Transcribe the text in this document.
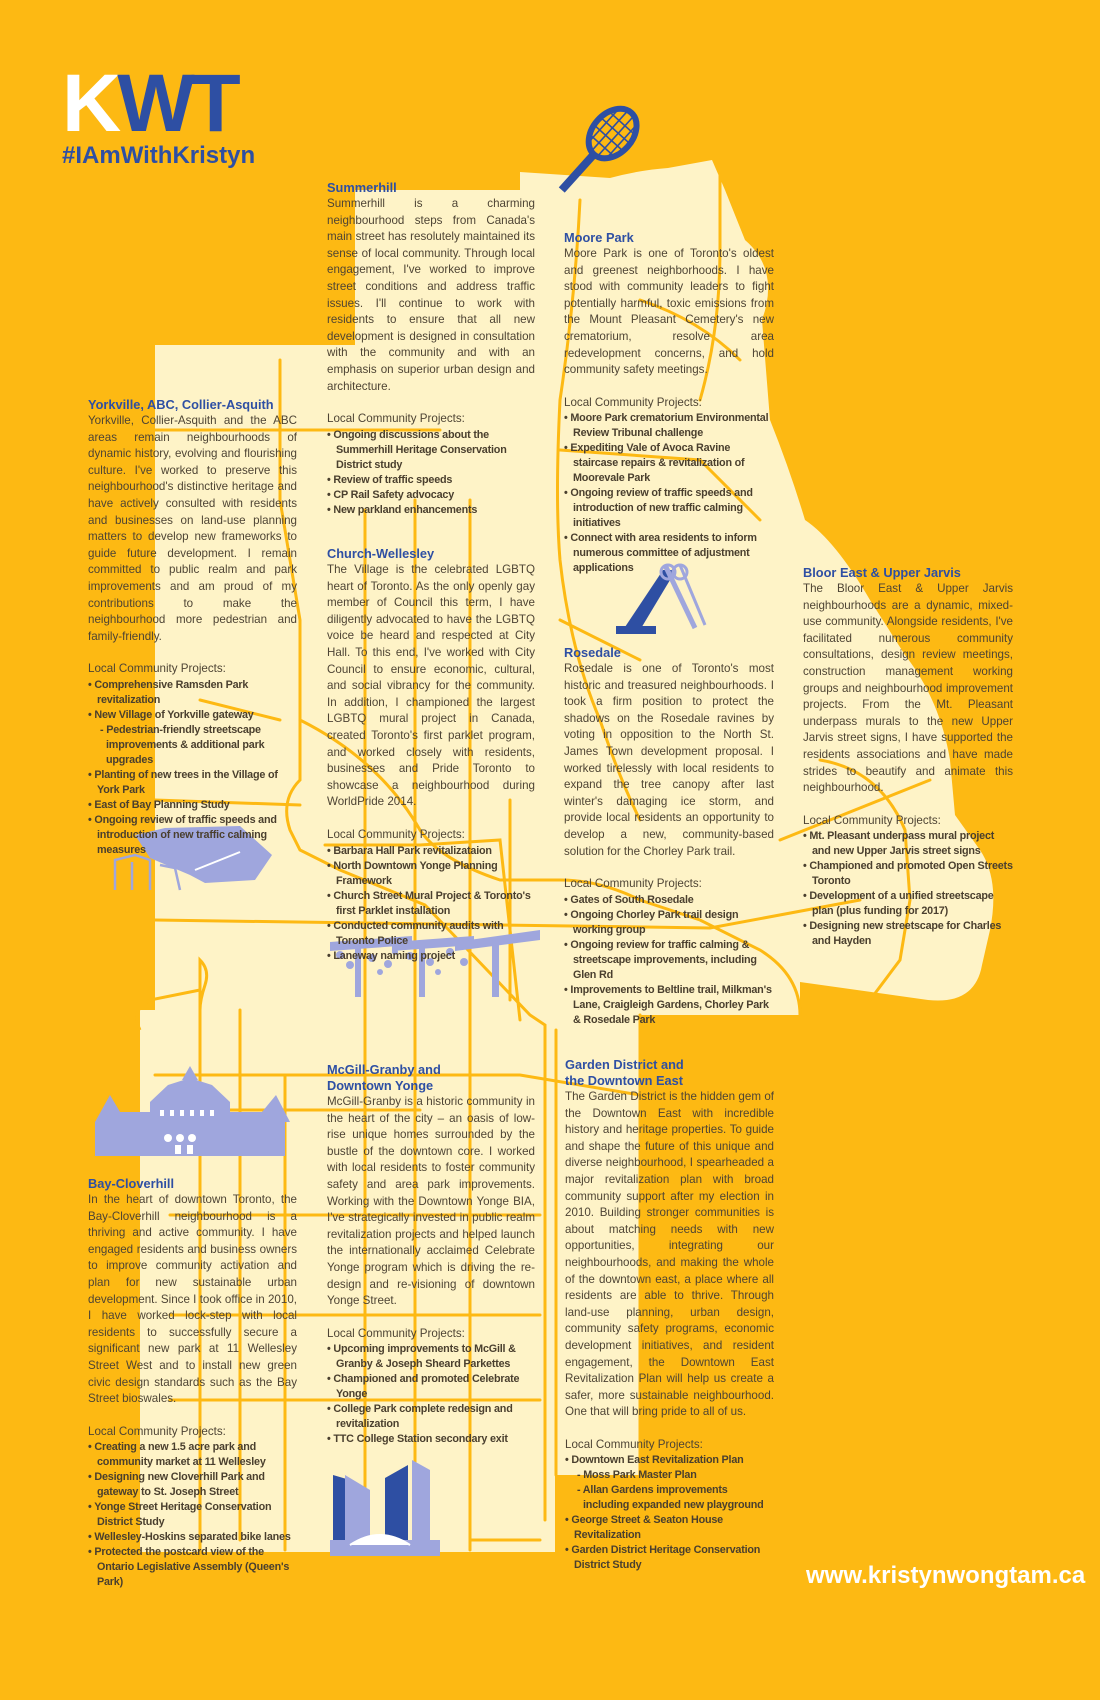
KWT
#IAmWithKristyn
Summerhill

Summerhill is a charming neighbourhood steps from Canada's main street has resolutely maintained its sense of local community. Through local engagement, I've worked to improve street conditions and address traffic issues. I'll continue to work with residents to ensure that all new development is designed in consultation with the community and with an emphasis on superior urban design and architecture.

Local Community Projects:
• Ongoing discussions about the Summerhill Heritage Conservation District study
• Review of traffic speeds
• CP Rail Safety advocacy
• New parkland enhancements
Moore Park

Moore Park is one of Toronto's oldest and greenest neighborhoods. I have stood with community leaders to fight potentially harmful, toxic emissions from the Mount Pleasant Cemetery's new crematorium, resolve area redevelopment concerns, and hold community safety meetings.

Local Community Projects:
• Moore Park crematorium Environmental Review Tribunal challenge
• Expediting Vale of Avoca Ravine staircase repairs & revitalization of Moorevale Park
• Ongoing review of traffic speeds and introduction of new traffic calming initiatives
• Connect with area residents to inform numerous committee of adjustment applications
Yorkville, ABC, Collier-Asquith

Yorkville, Collier-Asquith and the ABC areas remain neighbourhoods of dynamic history, evolving and flourishing culture. I've worked to preserve this neighbourhood's distinctive heritage and have actively consulted with residents and businesses on land-use planning matters to develop new frameworks to guide future development. I remain committed to public realm and park improvements and am proud of my contributions to make the neighbourhood more pedestrian and family-friendly.

Local Community Projects:
• Comprehensive Ramsden Park revitalization
• New Village of Yorkville gateway
- Pedestrian-friendly streetscape improvements & additional park upgrades
• Planting of new trees in the Village of York Park
• East of Bay Planning Study
• Ongoing review of traffic speeds and introduction of new traffic calming measures
Church-Wellesley

The Village is the celebrated LGBTQ heart of Toronto. As the only openly gay member of Council this term, I have diligently advocated to have the LGBTQ voice be heard and respected at City Hall. To this end, I've worked with City Council to ensure economic, cultural, and social vibrancy for the community. In addition, I championed the largest LGBTQ mural project in Canada, created Toronto's first parklet program, and worked closely with residents, businesses and Pride Toronto to showcase a neighbourhood during WorldPride 2014.

Local Community Projects:
• Barbara Hall Park revitalizataion
• North Downtown Yonge Planning Framework
• Church Street Mural Project & Toronto's first Parklet installation
• Conducted community audits with Toronto Police
• Laneway naming project
Bloor East & Upper Jarvis

The Bloor East & Upper Jarvis neighbourhoods are a dynamic, mixed-use community. Alongside residents, I've facilitated numerous community consultations, design review meetings, construction management working groups and neighbourhood improvement projects. From the Mt. Pleasant underpass murals to the new Upper Jarvis street signs, I have supported the residents associations and have made strides to beautify and animate this neighbourhood.

Local Community Projects:
• Mt. Pleasant underpass mural project and new Upper Jarvis street signs
• Championed and promoted Open Streets Toronto
• Development of a unified streetscape plan (plus funding for 2017)
• Designing new streetscape for Charles and Hayden
Rosedale

Rosedale is one of Toronto's most historic and treasured neighbourhoods. I took a firm position to protect the shadows on the Rosedale ravines by voting in opposition to the North St. James Town development proposal. I worked tirelessly with local residents to expand the tree canopy after last winter's damaging ice storm, and provide local residents an opportunity to develop a new, community-based solution for the Chorley Park trail.

Local Community Projects:
• Gates of South Rosedale
• Ongoing Chorley Park trail design working group
• Ongoing review for traffic calming & streetscape improvements, including Glen Rd
• Improvements to Beltline trail, Milkman's Lane, Craigleigh Gardens, Chorley Park & Rosedale Park
McGill-Granby and Downtown Yonge

McGill-Granby is a historic community in the heart of the city – an oasis of low-rise unique homes surrounded by the bustle of the downtown core. I worked with local residents to foster community safety and area park improvements. Working with the Downtown Yonge BIA, I've strategically invested in public realm revitalization projects and helped launch the internationally acclaimed Celebrate Yonge program which is driving the re-design and re-visioning of downtown Yonge Street.

Local Community Projects:
• Upcoming improvements to McGill & Granby & Joseph Sheard Parkettes
• Championed and promoted Celebrate Yonge
• College Park complete redesign and revitalization
• TTC College Station secondary exit
Garden District and the Downtown East

The Garden District is the hidden gem of the Downtown East with incredible history and heritage properties. To guide and shape the future of this unique and diverse neighbourhood, I spearheaded a major revitalization plan with broad community support after my election in 2010. Building stronger communities is about matching needs with new opportunities, integrating our neighbourhoods, and making the whole of the downtown east, a place where all residents are able to thrive. Through land-use planning, urban design, community safety programs, economic development initiatives, and resident engagement, the Downtown East Revitalization Plan will help us create a safer, more sustainable neighbourhood. One that will bring pride to all of us.

Local Community Projects:
• Downtown East Revitalization Plan
- Moss Park Master Plan
- Allan Gardens improvements including expanded new playground
• George Street & Seaton House Revitalization
• Garden District Heritage Conservation District Study
Bay-Cloverhill

In the heart of downtown Toronto, the Bay-Cloverhill neighbourhood is a thriving and active community. I have engaged residents and business owners to improve community activation and plan for new sustainable urban development. Since I took office in 2010, I have worked lock-step with local residents to successfully secure a significant new park at 11 Wellesley Street West and to install new green civic design standards such as the Bay Street bioswales.

Local Community Projects:
• Creating a new 1.5 acre park and community market at 11 Wellesley
• Designing new Cloverhill Park and gateway to St. Joseph Street
• Yonge Street Heritage Conservation District Study
• Wellesley-Hoskins separated bike lanes
• Protected the postcard view of the Ontario Legislative Assembly (Queen's Park)	www.kristynwongtam.ca
